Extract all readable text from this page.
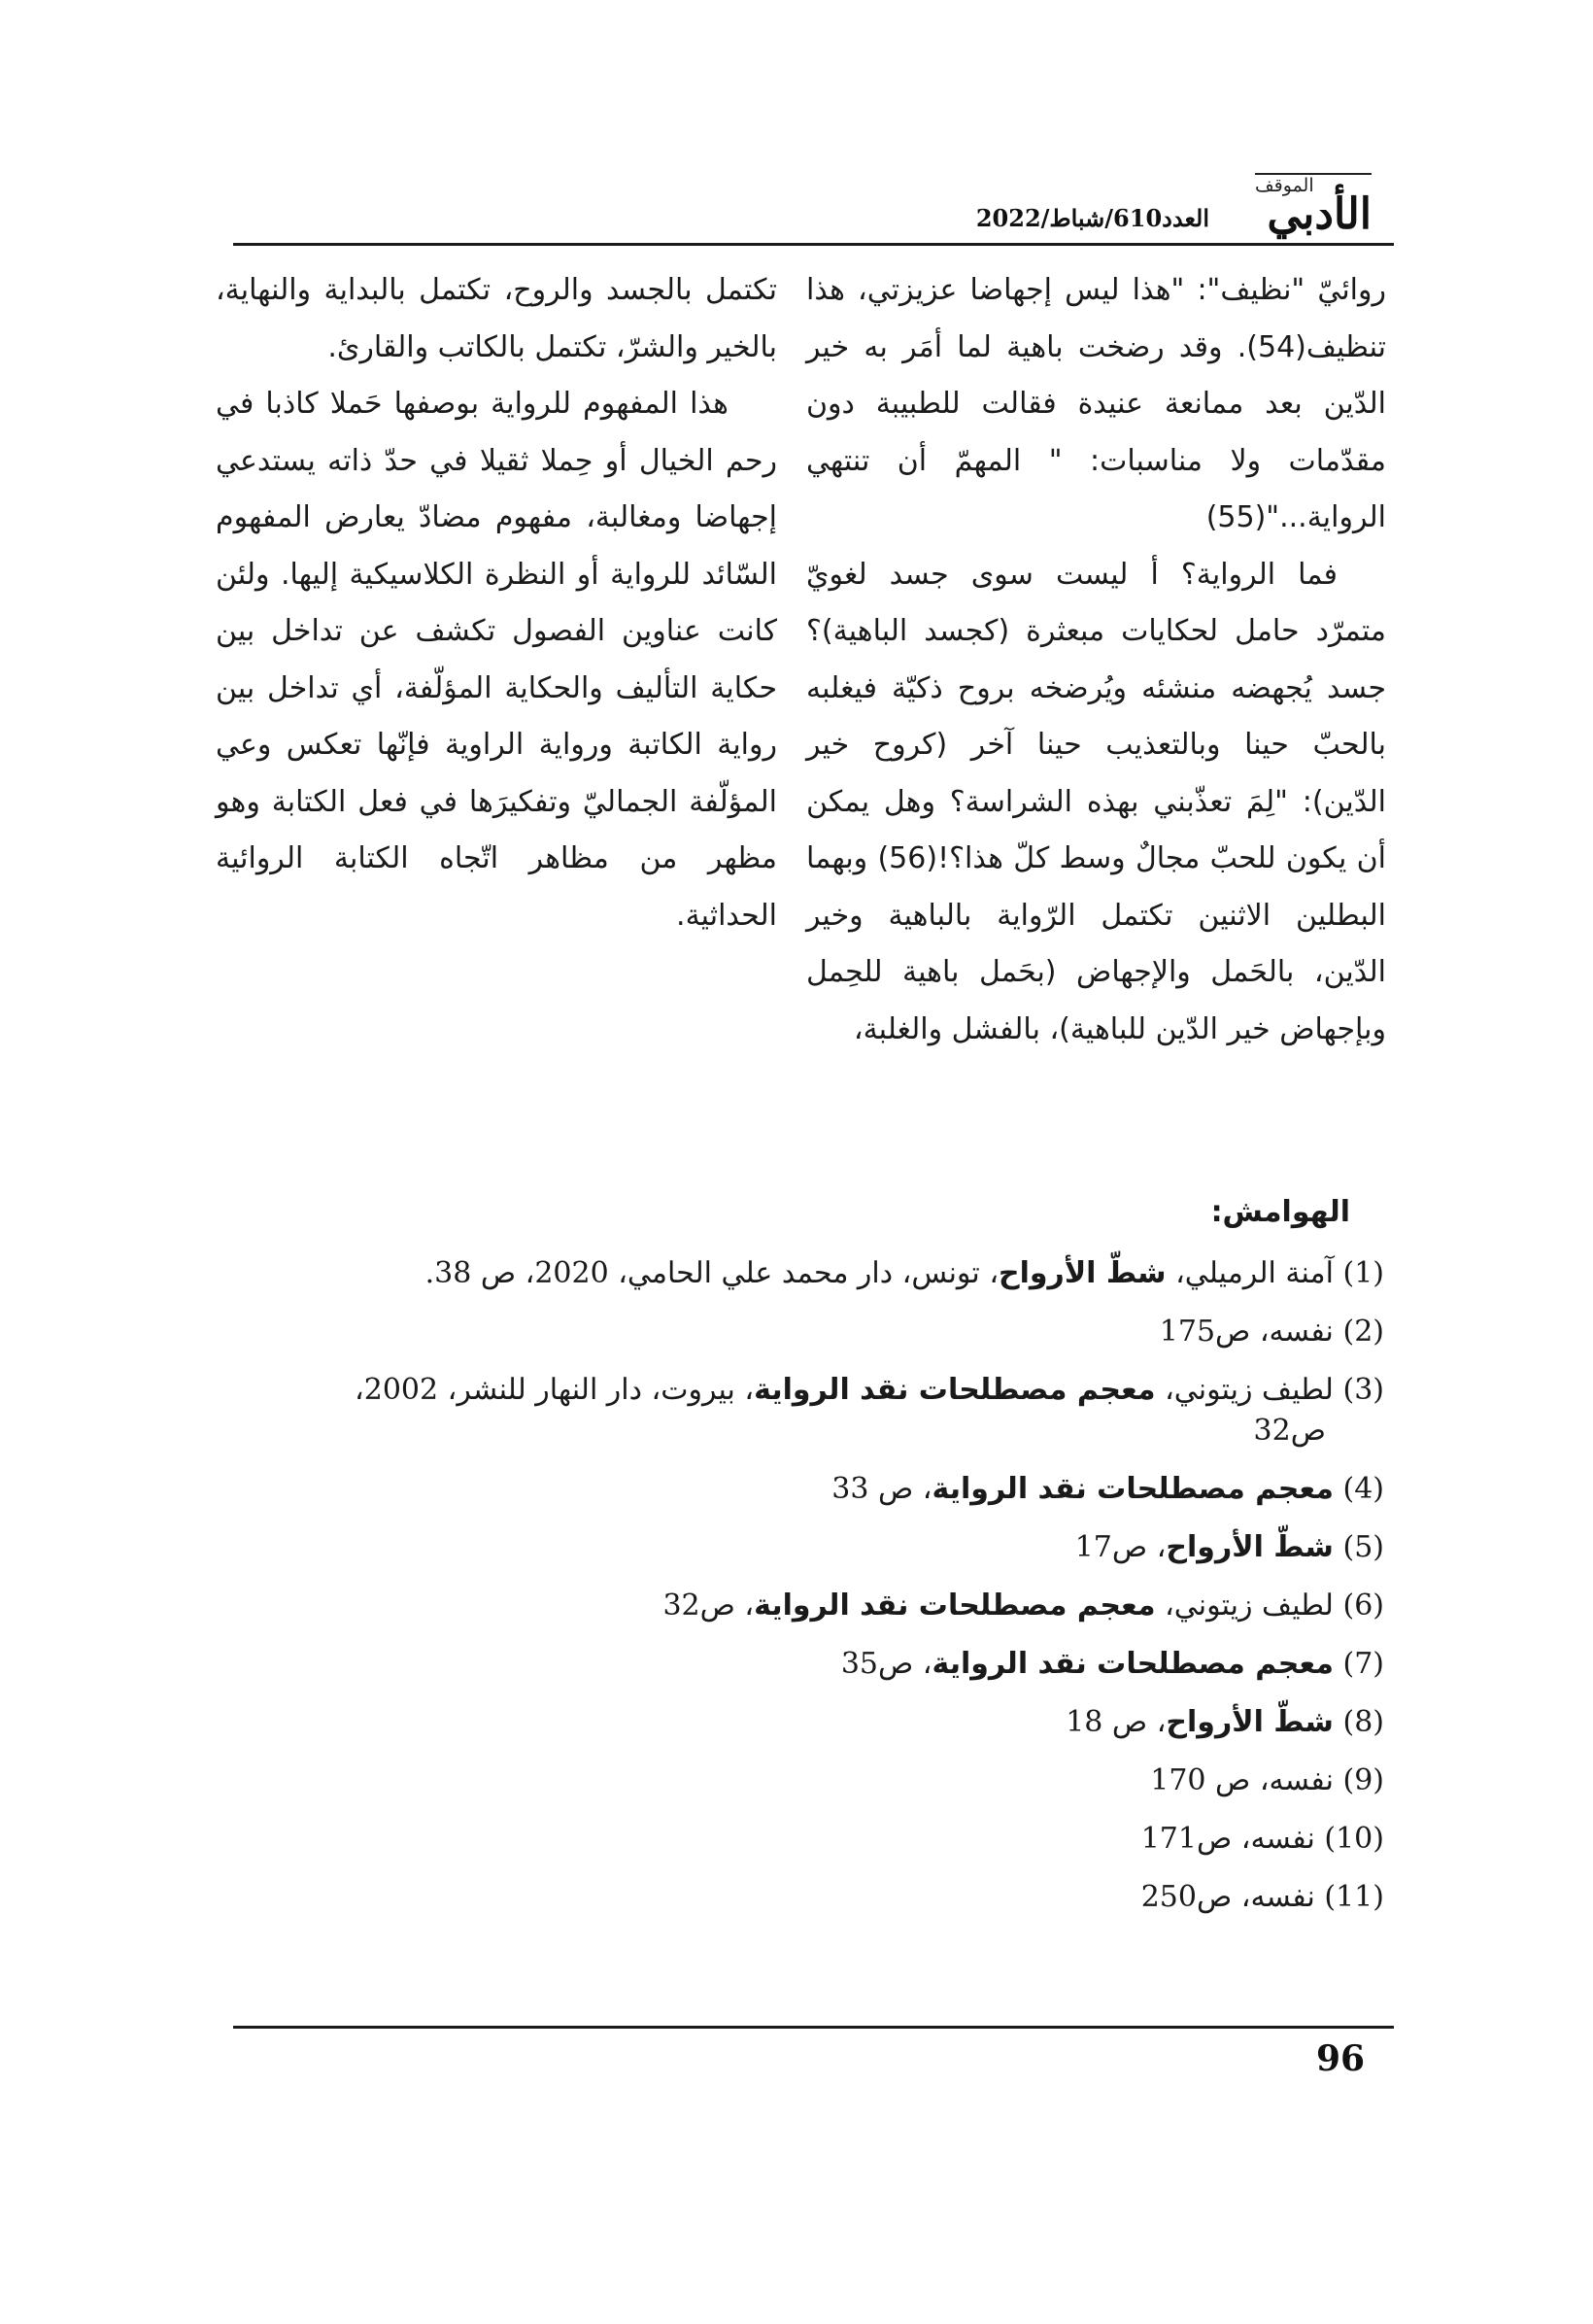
الموقف
الأدبي
العدد610/شباط/2022

روائيّ "نظيف": "هذا ليس إجهاضا عزيزتي، هذا تنظيف(54). وقد رضخت باهية لما أمَر به خير الدّين بعد ممانعة عنيدة فقالت للطبيبة دون مقدّمات ولا مناسبات: " المهمّ أن تنتهي الرواية..."(55)

فما الرواية؟ أ ليست سوى جسد لغويّ متمرّد حامل لحكايات مبعثرة (كجسد الباهية)؟ جسد يُجهضه منشئه ويُرضخه بروح ذكيّة فيغلبه بالحبّ حينا وبالتعذيب حينا آخر (كروح خير الدّين): "لِمَ تعذّبني بهذه الشراسة؟ وهل يمكن أن يكون للحبّ مجالٌ وسط كلّ هذا؟!(56) وبهما البطلين الاثنين تكتمل الرّواية بالباهية وخير الدّين، بالحَمل والإجهاض (بحَمل باهية للحِمل وبإجهاض خير الدّين للباهية)، بالفشل والغلبة،

تكتمل بالجسد والروح، تكتمل بالبداية والنهاية، بالخير والشرّ، تكتمل بالكاتب والقارئ.

هذا المفهوم للرواية بوصفها حَملا كاذبا في رحم الخيال أو حِملا ثقيلا في حدّ ذاته يستدعي إجهاضا ومغالبة، مفهوم مضادّ يعارض المفهوم السّائد للرواية أو النظرة الكلاسيكية إليها. ولئن كانت عناوين الفصول تكشف عن تداخل بين حكاية التأليف والحكاية المؤلّفة، أي تداخل بين رواية الكاتبة ورواية الراوية فإنّها تعكس وعي المؤلّفة الجماليّ وتفكيرَها في فعل الكتابة وهو مظهر من مظاهر اتّجاه الكتابة الروائية الحداثية.

الهوامش:
(1) آمنة الرميلي، شطّ الأرواح، تونس، دار محمد علي الحامي، 2020، ص 38.
(2) نفسه، ص175
(3) لطيف زيتوني، معجم مصطلحات نقد الرواية، بيروت، دار النهار للنشر، 2002،
ص32
(4) معجم مصطلحات نقد الرواية، ص 33
(5) شطّ الأرواح، ص17
(6) لطيف زيتوني، معجم مصطلحات نقد الرواية، ص32
(7) معجم مصطلحات نقد الرواية، ص35
(8) شطّ الأرواح، ص 18
(9) نفسه، ص 170
(10) نفسه، ص171
(11) نفسه، ص250
96
